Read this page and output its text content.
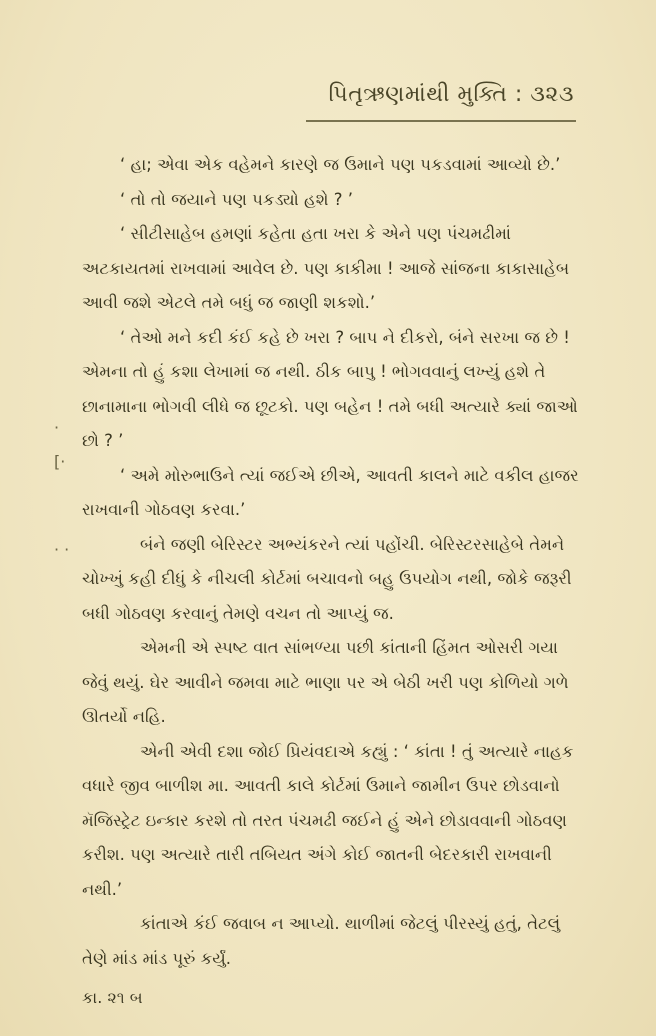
પિતૃઋણમાંથી મુક્તિ : ૩૨૩
·
[·
· ·

‘ હા; એવા એક વહેમને કારણે જ ઉમાને પણ પકડવામાં આવ્યો છે.’

‘ તો તો જયાને પણ પકડ્યો હશે ? ’

‘ સીટીસાહેબ હમણાં કહેતા હતા ખરા કે એને પણ પંચમઢીમાં અટકાયતમાં રાખવામાં આવેલ છે. પણ કાકીમા ! આજે સાંજના કાકાસાહેબ આવી જશે એટલે તમે બધું જ જાણી શકશો.’

‘ તેઓ મને કદી કંઈ કહે છે ખરા ? બાપ ને દીકરો, બંને સરખા જ છે ! એમના તો હું કશા લેખામાં જ નથી. ઠીક બાપુ ! ભોગવવાનું લખ્યું હશે તે છાનામાના ભોગવી લીધે જ છૂટકો. પણ બહેન ! તમે બધી અત્યારે ક્યાં જાઓ છો ? ’

‘ અમે મોરુભાઉને ત્યાં જઈએ છીએ, આવતી કાલને માટે વકીલ હાજર રાખવાની ગોઠવણ કરવા.’

બંને જણી બેરિસ્ટર અભ્યંકરને ત્યાં પહોંચી. બેરિસ્ટરસાહેબે તેમને ચોખ્ખું કહી દીધું કે નીચલી કોર્ટમાં બચાવનો બહુ ઉપયોગ નથી, જોકે જરૂરી બધી ગોઠવણ કરવાનું તેમણે વચન તો આપ્યું જ.

એમની એ સ્પષ્ટ વાત સાંભળ્યા પછી કાંતાની હિંમત ઓસરી ગયા જેવું થયું. ઘેર આવીને જમવા માટે ભાણા પર એ બેઠી ખરી પણ કોળિયો ગળે ઊતર્યો નહિ.

એની એવી દશા જોઈ પ્રિયંવદાએ કહ્યું : ‘ કાંતા ! તું અત્યારે નાહક વધારે જીવ બાળીશ મા. આવતી કાલે કોર્ટમાં ઉમાને જામીન ઉપર છોડવાનો મૅજિસ્ટ્રેટ ઇન્કાર કરશે તો તરત પંચમઢી જઈને હું એને છોડાવવાની ગોઠવણ કરીશ. પણ અત્યારે તારી તબિયત અંગે કોઈ જાતની બેદરકારી રાખવાની નથી.’

કાંતાએ કંઈ જવાબ ન આપ્યો. થાળીમાં જેટલું પીરસ્યું હતું, તેટલું તેણે માંડ માંડ પૂરું કર્યું.

કા. ૨૧ બ
